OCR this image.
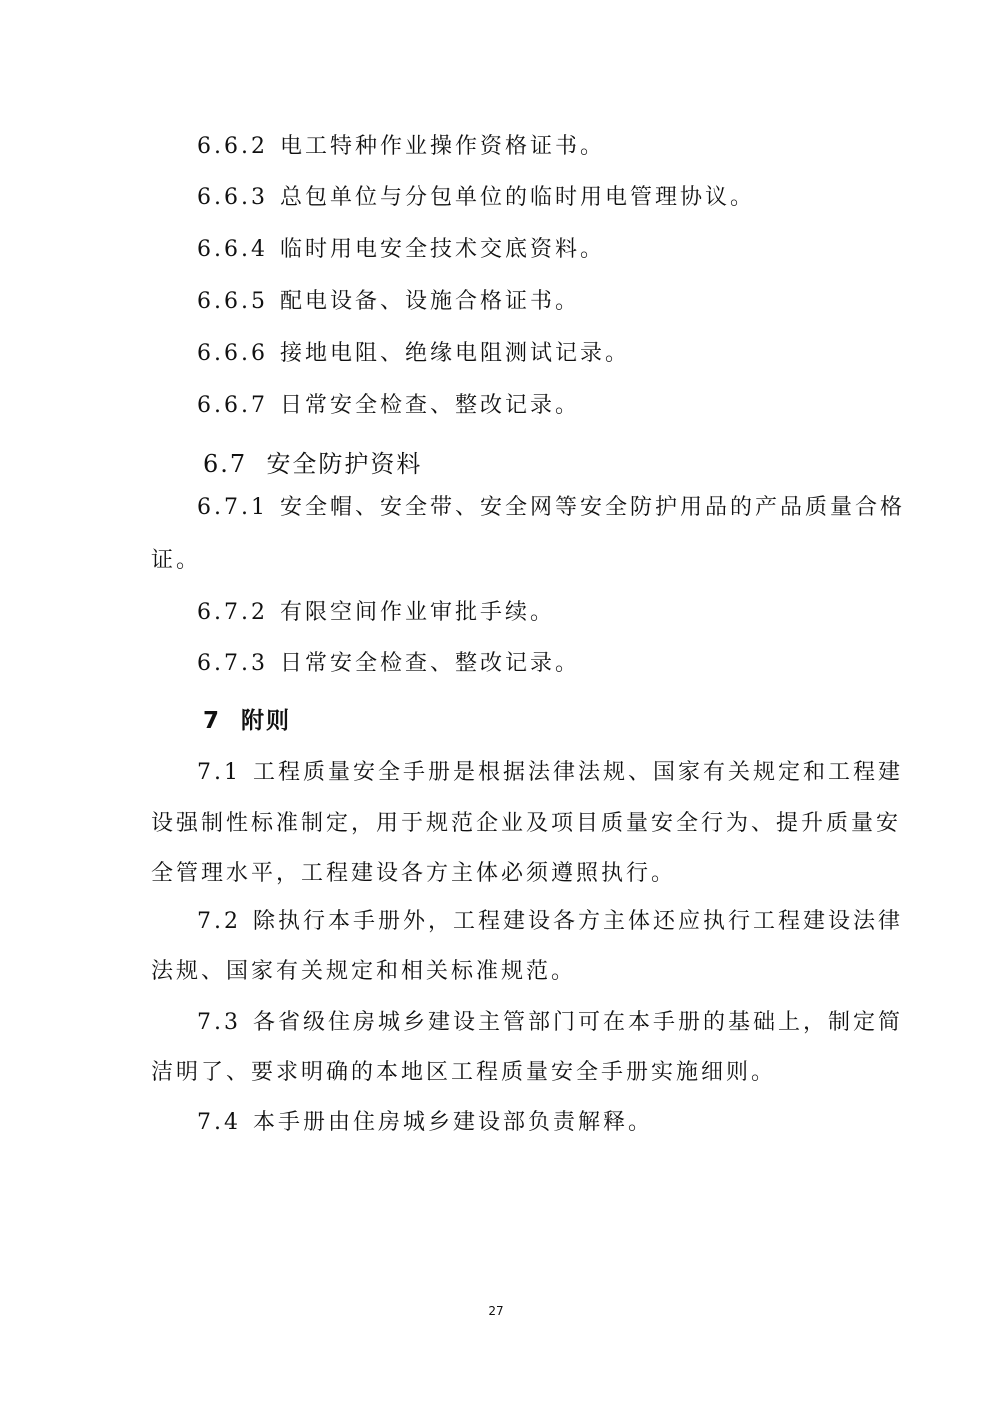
6.6.2 电工特种作业操作资格证书。
6.6.3 总包单位与分包单位的临时用电管理协议。
6.6.4 临时用电安全技术交底资料。
6.6.5 配电设备、设施合格证书。
6.6.6 接地电阻、绝缘电阻测试记录。
6.6.7 日常安全检查、整改记录。
6.7 安全防护资料
6.7.1 安全帽、安全带、安全网等安全防护用品的产品质量合格
证。
6.7.2 有限空间作业审批手续。
6.7.3 日常安全检查、整改记录。
7 附则
7.1 工程质量安全手册是根据法律法规、国家有关规定和工程建
设强制性标准制定，用于规范企业及项目质量安全行为、提升质量安
全管理水平，工程建设各方主体必须遵照执行。
7.2 除执行本手册外，工程建设各方主体还应执行工程建设法律
法规、国家有关规定和相关标准规范。
7.3 各省级住房城乡建设主管部门可在本手册的基础上，制定简
洁明了、要求明确的本地区工程质量安全手册实施细则。
7.4 本手册由住房城乡建设部负责解释。
27
